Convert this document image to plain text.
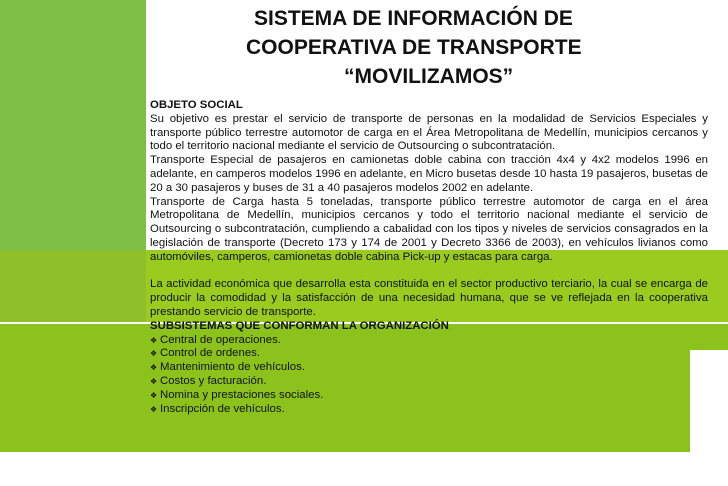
SISTEMA DE INFORMACIÓN DE
COOPERATIVA DE TRANSPORTE
“MOVILIZAMOS”
OBJETO SOCIAL
Su objetivo es prestar el servicio de transporte de personas en la modalidad de Servicios Especiales y transporte público terrestre automotor de carga en el Área Metropolitana de Medellín, municipios cercanos y todo el territorio nacional mediante el servicio de Outsourcing o subcontratación.
Transporte Especial de pasajeros en camionetas doble cabina con tracción 4x4 y 4x2 modelos 1996 en adelante, en camperos modelos 1996 en adelante, en Micro busetas desde 10 hasta 19 pasajeros, busetas de 20 a 30 pasajeros y buses de 31 a 40 pasajeros modelos 2002 en adelante.
Transporte de Carga hasta 5 toneladas, transporte público terrestre automotor de carga en el área Metropolitana de Medellín, municipios cercanos y todo el territorio nacional mediante el servicio de Outsourcing o subcontratación, cumpliendo a cabalidad con los tipos y niveles de servicios consagrados en la legislación de transporte (Decreto 173 y 174 de 2001 y Decreto 3366 de 2003), en vehículos livianos como automóviles, camperos, camionetas doble cabina Pick-up y estacas para carga.
La actividad económica que desarrolla esta constituida en el sector productivo terciario, la cual se encarga de producir la comodidad y la satisfacción de una necesidad humana, que se ve reflejada en la cooperativa prestando servicio de transporte.
SUBSISTEMAS QUE CONFORMAN LA ORGANIZACIÓN
❖ Central de operaciones.
❖ Control de ordenes.
❖ Mantenimiento de vehículos.
❖ Costos y facturación.
❖ Nomina y prestaciones sociales.
❖ Inscripción de vehículos.
